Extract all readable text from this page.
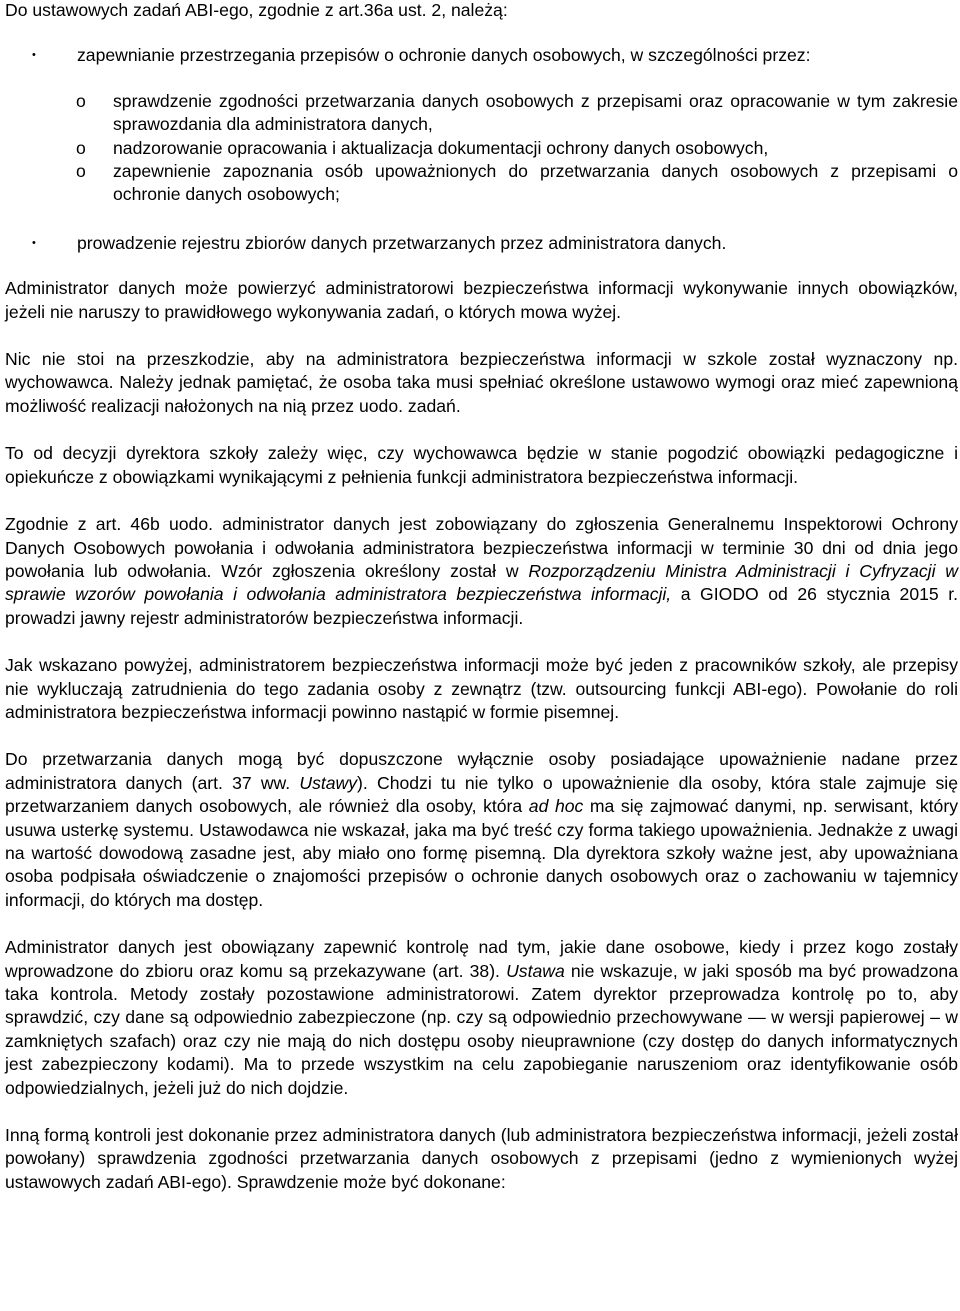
Do ustawowych zadań ABI-ego, zgodnie z art.36a ust. 2, należą:

• zapewnianie przestrzegania przepisów o ochronie danych osobowych, w szczególności przez:
o sprawdzenie zgodności przetwarzania danych osobowych z przepisami oraz opracowanie w tym zakresie sprawozdania dla administratora danych,
o nadzorowanie opracowania i aktualizacja dokumentacji ochrony danych osobowych,
o zapewnienie zapoznania osób upoważnionych do przetwarzania danych osobowych z przepisami o ochronie danych osobowych;
• prowadzenie rejestru zbiorów danych przetwarzanych przez administratora danych.

Administrator danych może powierzyć administratorowi bezpieczeństwa informacji wykonywanie innych obowiązków, jeżeli nie naruszy to prawidłowego wykonywania zadań, o których mowa wyżej.

Nic nie stoi na przeszkodzie, aby na administratora bezpieczeństwa informacji w szkole został wyznaczony np. wychowawca. Należy jednak pamiętać, że osoba taka musi spełniać określone ustawowo wymogi oraz mieć zapewnioną możliwość realizacji nałożonych na nią przez uodo. zadań.

To od decyzji dyrektora szkoły zależy więc, czy wychowawca będzie w stanie pogodzić obowiązki pedagogiczne i opiekuńcze z obowiązkami wynikającymi z pełnienia funkcji administratora bezpieczeństwa informacji.

Zgodnie z art. 46b uodo. administrator danych jest zobowiązany do zgłoszenia Generalnemu Inspektorowi Ochrony Danych Osobowych powołania i odwołania administratora bezpieczeństwa informacji w terminie 30 dni od dnia jego powołania lub odwołania. Wzór zgłoszenia określony został w Rozporządzeniu Ministra Administracji i Cyfryzacji w sprawie wzorów powołania i odwołania administratora bezpieczeństwa informacji, a GIODO od 26 stycznia 2015 r. prowadzi jawny rejestr administratorów bezpieczeństwa informacji.

Jak wskazano powyżej, administratorem bezpieczeństwa informacji może być jeden z pracowników szkoły, ale przepisy nie wykluczają zatrudnienia do tego zadania osoby z zewnątrz (tzw. outsourcing funkcji ABI-ego). Powołanie do roli administratora bezpieczeństwa informacji powinno nastąpić w formie pisemnej.

Do przetwarzania danych mogą być dopuszczone wyłącznie osoby posiadające upoważnienie nadane przez administratora danych (art. 37 ww. Ustawy). Chodzi tu nie tylko o upoważnienie dla osoby, która stale zajmuje się przetwarzaniem danych osobowych, ale również dla osoby, która ad hoc ma się zajmować danymi, np. serwisant, który usuwa usterkę systemu. Ustawodawca nie wskazał, jaka ma być treść czy forma takiego upoważnienia. Jednakże z uwagi na wartość dowodową zasadne jest, aby miało ono formę pisemną. Dla dyrektora szkoły ważne jest, aby upoważniana osoba podpisała oświadczenie o znajomości przepisów o ochronie danych osobowych oraz o zachowaniu w tajemnicy informacji, do których ma dostęp.

Administrator danych jest obowiązany zapewnić kontrolę nad tym, jakie dane osobowe, kiedy i przez kogo zostały wprowadzone do zbioru oraz komu są przekazywane (art. 38). Ustawa nie wskazuje, w jaki sposób ma być prowadzona taka kontrola. Metody zostały pozostawione administratorowi. Zatem dyrektor przeprowadza kontrolę po to, aby sprawdzić, czy dane są odpowiednio zabezpieczone (np. czy są odpowiednio przechowywane — w wersji papierowej – w zamkniętych szafach) oraz czy nie mają do nich dostępu osoby nieuprawnione (czy dostęp do danych informatycznych jest zabezpieczony kodami). Ma to przede wszystkim na celu zapobieganie naruszeniom oraz identyfikowanie osób odpowiedzialnych, jeżeli już do nich dojdzie.

Inną formą kontroli jest dokonanie przez administratora danych (lub administratora bezpieczeństwa informacji, jeżeli został powołany) sprawdzenia zgodności przetwarzania danych osobowych z przepisami (jedno z wymienionych wyżej ustawowych zadań ABI-ego). Sprawdzenie może być dokonane:
